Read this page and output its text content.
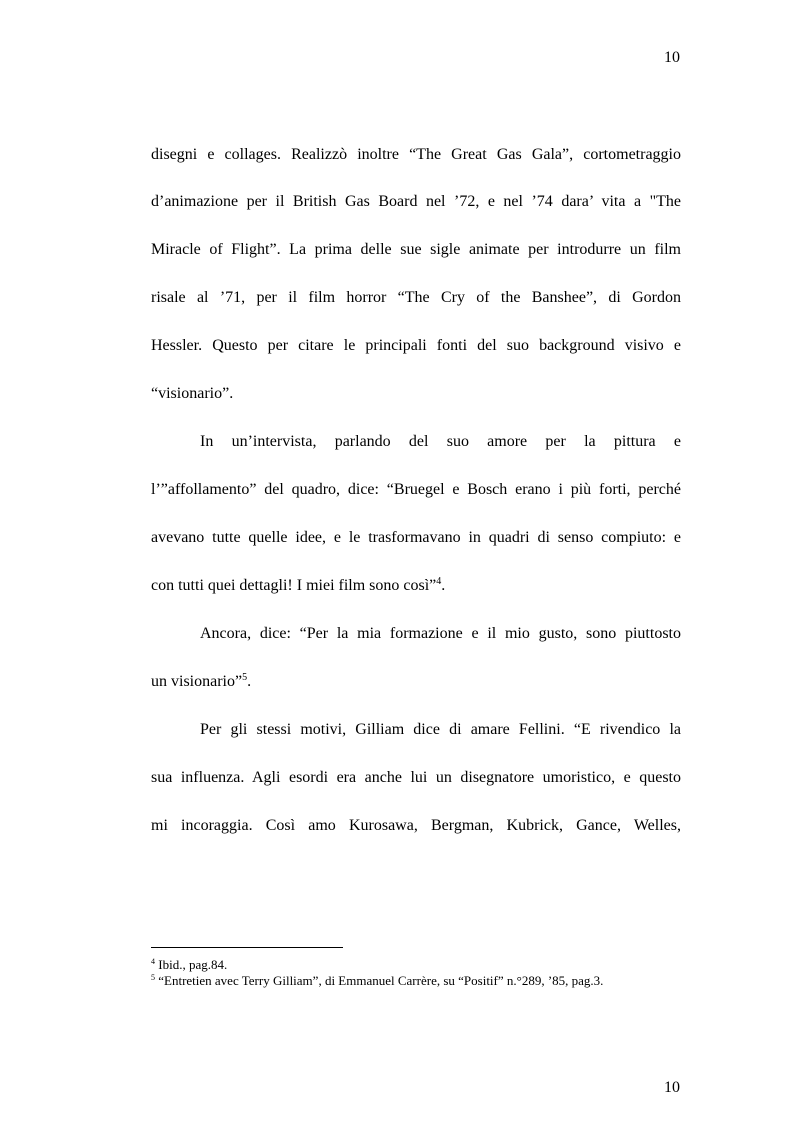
10
disegni e collages. Realizzò inoltre “The Great Gas Gala”, cortometraggio
d’animazione per il British Gas Board nel ’72, e nel ’74 dara’ vita a "The
Miracle of Flight”. La prima delle sue sigle animate per introdurre un film
risale al ’71, per il film horror “The Cry of the Banshee”, di Gordon
Hessler. Questo per citare le principali fonti del suo background visivo e
“visionario”.
In un’intervista, parlando del suo amore per la pittura e
l’”affollamento” del quadro, dice: “Bruegel e Bosch erano i più forti, perché
avevano tutte quelle idee, e le trasformavano in quadri di senso compiuto: e
con tutti quei dettagli! I miei film sono così”$^4$.
Ancora, dice: “Per la mia formazione e il mio gusto, sono piuttosto
un visionario”$^5$.
Per gli stessi motivi, Gilliam dice di amare Fellini. “E rivendico la
sua influenza. Agli esordi era anche lui un disegnatore umoristico, e questo
mi incoraggia. Così amo Kurosawa, Bergman, Kubrick, Gance, Welles,
$^4$ Ibid., pag.84.
$^5$ “Entretien avec Terry Gilliam”, di Emmanuel Carrère, su “Positif” n.°289, ’85, pag.3.
10
